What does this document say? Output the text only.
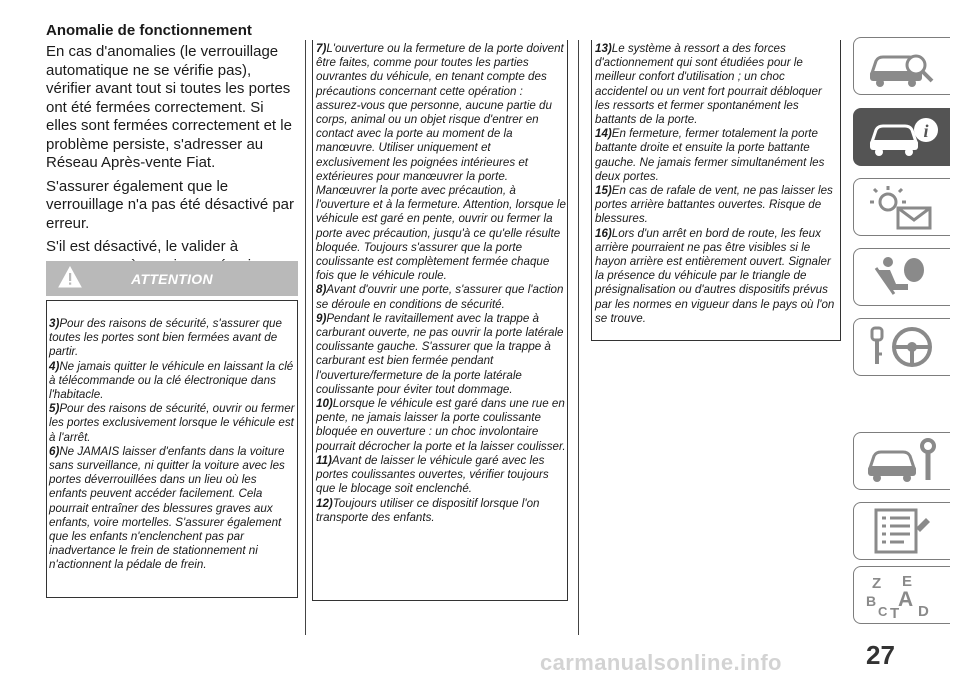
Anomalie de fonctionnement

En cas d'anomalies (le verrouillage automatique ne se vérifie pas), vérifier avant tout si toutes les portes ont été fermées correctement. Si elles sont fermées correctement et le problème persiste, s'adresser au Réseau Après-vente Fiat.

S'assurer également que le verrouillage n'a pas été désactivé par erreur.

S'il est désactivé, le valider à

ATTENTION

3)Pour des raisons de sécurité, s'assurer que toutes les portes sont bien fermées avant de partir.

4)Ne jamais quitter le véhicule en laissant la clé à télécommande ou la clé électronique dans l'habitacle.

5)Pour des raisons de sécurité, ouvrir ou fermer les portes exclusivement lorsque le véhicule est à l'arrêt.

6)Ne JAMAIS laisser d'enfants dans la voiture sans surveillance, ni quitter la voiture avec les portes déverrouillées dans un lieu où les enfants peuvent accéder facilement. Cela pourrait entraîner des blessures graves aux enfants, voire mortelles. S'assurer également que les enfants n'enclenchent pas par inadvertance le frein de stationnement ni n'actionnent la pédale de frein.

7)L'ouverture ou la fermeture de la porte doivent être faites, comme pour toutes les parties ouvrantes du véhicule, en tenant compte des précautions concernant cette opération : assurez-vous que personne, aucune partie du corps, animal ou un objet risque d'entrer en contact avec la porte au moment de la manœuvre. Utiliser uniquement et exclusivement les poignées intérieures et extérieures pour manœuvrer la porte. Manœuvrer la porte avec précaution, à l'ouverture et à la fermeture. Attention, lorsque le véhicule est garé en pente, ouvrir ou fermer la porte avec précaution, jusqu'à ce qu'elle résulte bloquée. Toujours s'assurer que la porte coulissante est complètement fermée chaque fois que le véhicule roule.

8)Avant d'ouvrir une porte, s'assurer que l'action se déroule en conditions de sécurité.

9)Pendant le ravitaillement avec la trappe à carburant ouverte, ne pas ouvrir la porte latérale coulissante gauche. S'assurer que la trappe à carburant est bien fermée pendant l'ouverture/fermeture de la porte latérale coulissante pour éviter tout dommage.

10)Lorsque le véhicule est garé dans une rue en pente, ne jamais laisser la porte coulissante bloquée en ouverture : un choc involontaire pourrait décrocher la porte et la laisser coulisser.

11)Avant de laisser le véhicule garé avec les portes coulissantes ouvertes, vérifier toujours que le blocage soit enclenché.

12)Toujours utiliser ce dispositif lorsque l'on transporte des enfants.

13)Le système à ressort a des forces d'actionnement qui sont étudiées pour le meilleur confort d'utilisation ; un choc accidentel ou un vent fort pourrait débloquer les ressorts et fermer spontanément les battants de la porte.

14)En fermeture, fermer totalement la porte battante droite et ensuite la porte battante gauche. Ne jamais fermer simultanément les deux portes.

15)En cas de rafale de vent, ne pas laisser les portes arrière battantes ouvertes. Risque de blessures.

16)Lors d'un arrêt en bord de route, les feux arrière pourraient ne pas être visibles si le hayon arrière est entièrement ouvert. Signaler la présence du véhicule par le triangle de présignalisation ou d'autres dispositifs prévus par les normes en vigueur dans le pays où l'on se trouve.

i
Z E
B A
C D
T
27
carmanualsonline.info
